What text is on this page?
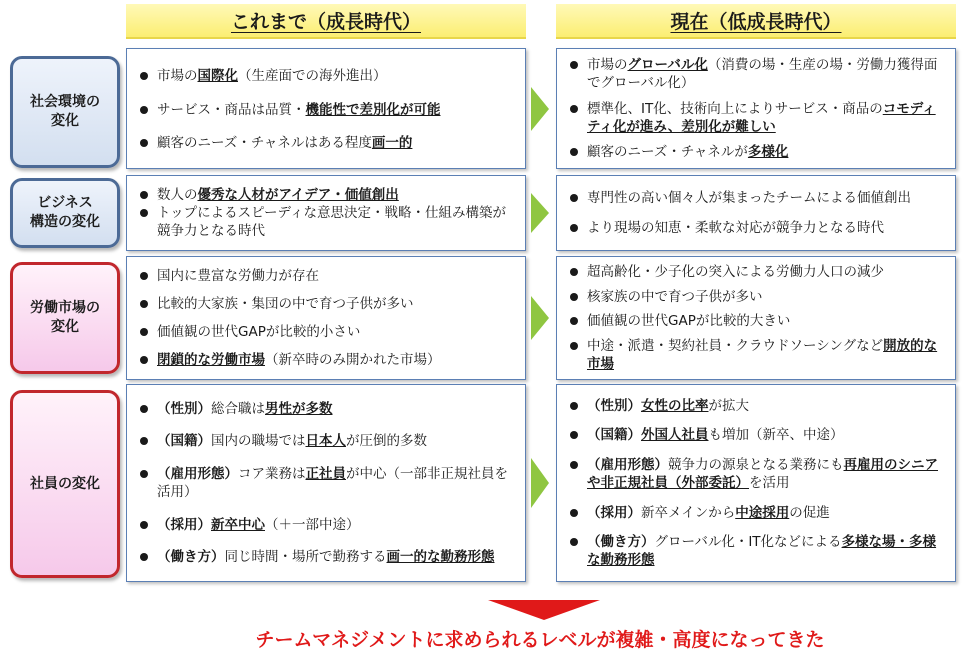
これまで（成長時代）	現在（低成長時代）
社会環境の
変化
市場の国際化（生産面での海外進出）
サービス・商品は品質・機能性で差別化が可能
顧客のニーズ・チャネルはある程度画一的
市場のグローバル化（消費の場・生産の場・労働力獲得面でグローバル化）
標準化、IT化、技術向上によりサービス・商品のコモディティ化が進み、差別化が難しい
顧客のニーズ・チャネルが多様化
ビジネス
構造の変化
数人の優秀な人材がアイデア・価値創出
トップによるスピーディな意思決定・戦略・仕組み構築が競争力となる時代
専門性の高い個々人が集まったチームによる価値創出
より現場の知恵・柔軟な対応が競争力となる時代
労働市場の
変化
国内に豊富な労働力が存在
比較的大家族・集団の中で育つ子供が多い
価値観の世代GAPが比較的小さい
閉鎖的な労働市場（新卒時のみ開かれた市場）
超高齢化・少子化の突入による労働力人口の減少
核家族の中で育つ子供が多い
価値観の世代GAPが比較的大きい
中途・派遣・契約社員・クラウドソーシングなど開放的な市場
社員の変化
（性別）総合職は男性が多数
（国籍）国内の職場では日本人が圧倒的多数
（雇用形態）コア業務は正社員が中心（一部非正規社員を活用）
（採用）新卒中心（＋一部中途）
（働き方）同じ時間・場所で勤務する画一的な勤務形態
（性別）女性の比率が拡大
（国籍）外国人社員も増加（新卒、中途）
（雇用形態）競争力の源泉となる業務にも再雇用のシニアや非正規社員（外部委託）を活用
（採用）新卒メインから中途採用の促進
（働き方）グローバル化・IT化などによる多様な場・多様な勤務形態
チームマネジメントに求められるレベルが複雑・高度になってきた
